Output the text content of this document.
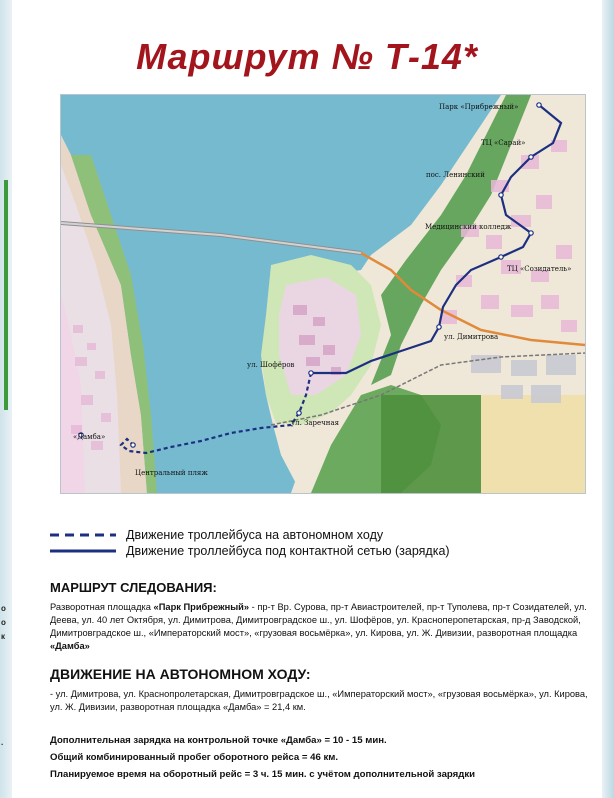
о
о
к
.
Маршрут № Т-14*
Парк «Прибрежный»
ТЦ «Сарай»
пос. Ленинский
Медицинский колледж
ТЦ «Созидатель»
ул. Димитрова
ул. Шофёров
ул. Заречная
«Дамба»
Центральный пляж
Движение троллейбуса на автономном ходу
Движение троллейбуса под контактной сетью (зарядка)
МАРШРУТ СЛЕДОВАНИЯ:
Разворотная площадка «Парк Прибрежный» - пр-т Вр. Сурова, пр-т Авиастроителей, пр-т Туполева, пр-т Созидателей, ул. Деева, ул. 40 лет Октября, ул. Димитрова, Димитровградское ш., ул. Шофёров, ул. Красноперопетарская, пр-д Заводской, Димитровградское ш., «Императорский мост», «грузовая восьмёрка», ул. Кирова, ул. Ж. Дивизии, разворотная площадка «Дамба»
ДВИЖЕНИЕ НА АВТОНОМНОМ ХОДУ:
- ул. Димитрова, ул. Краснопролетарская, Димитровградское ш., «Императорский мост», «грузовая восьмёрка», ул. Кирова, ул. Ж. Дивизии, разворотная площадка «Дамба» = 21,4 км.
Дополнительная зарядка на контрольной точке «Дамба» = 10 - 15 мин.
Общий комбинированный пробег оборотного рейса = 46 км.
Планируемое время на оборотный рейс = 3 ч. 15 мин. с учётом дополнительной зарядки
